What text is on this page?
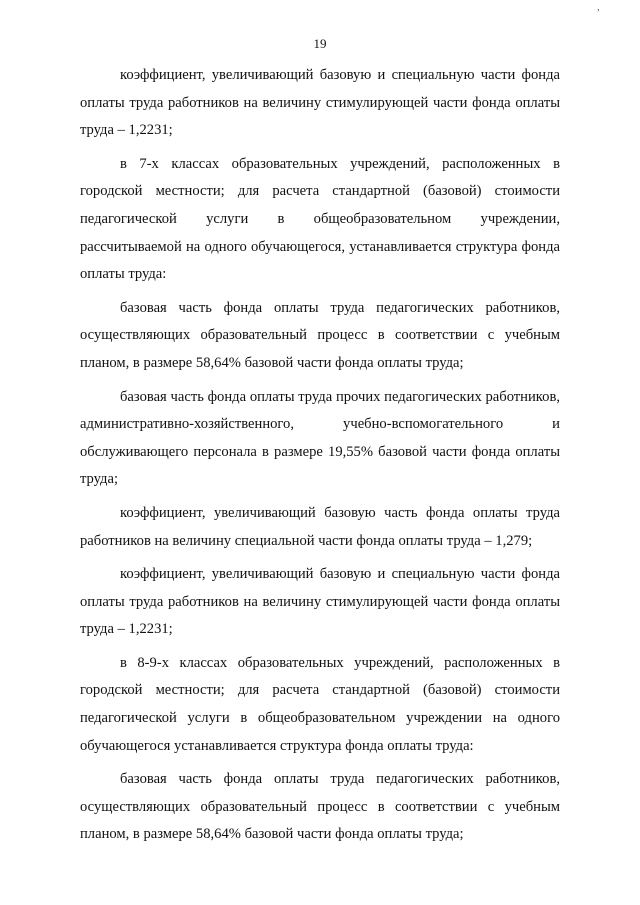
’
19

коэффициент, увеличивающий базовую и специальную части фонда оплаты труда работников на величину стимулирующей части фонда оплаты труда – 1,2231;

в 7-х классах образовательных учреждений, расположенных в городской местности; для расчета стандартной (базовой) стоимости педагогической услуги в общеобразовательном учреждении, рассчитываемой на одного обучающегося, устанавливается структура фонда оплаты труда:

базовая часть фонда оплаты труда педагогических работников, осуществляющих образовательный процесс в соответствии с учебным планом, в размере 58,64% базовой части фонда оплаты труда;

базовая часть фонда оплаты труда прочих педагогических работников, административно-хозяйственного, учебно-вспомогательного и обслуживающего персонала в размере 19,55% базовой части фонда оплаты труда;

коэффициент, увеличивающий базовую часть фонда оплаты труда работников на величину специальной части фонда оплаты труда – 1,279;

коэффициент, увеличивающий базовую и специальную части фонда оплаты труда работников на величину стимулирующей части фонда оплаты труда – 1,2231;

в 8-9-х классах образовательных учреждений, расположенных в городской местности; для расчета стандартной (базовой) стоимости педагогической услуги в общеобразовательном учреждении на одного обучающегося устанавливается структура фонда оплаты труда:

базовая часть фонда оплаты труда педагогических работников, осуществляющих образовательный процесс в соответствии с учебным планом, в размере 58,64% базовой части фонда оплаты труда;
